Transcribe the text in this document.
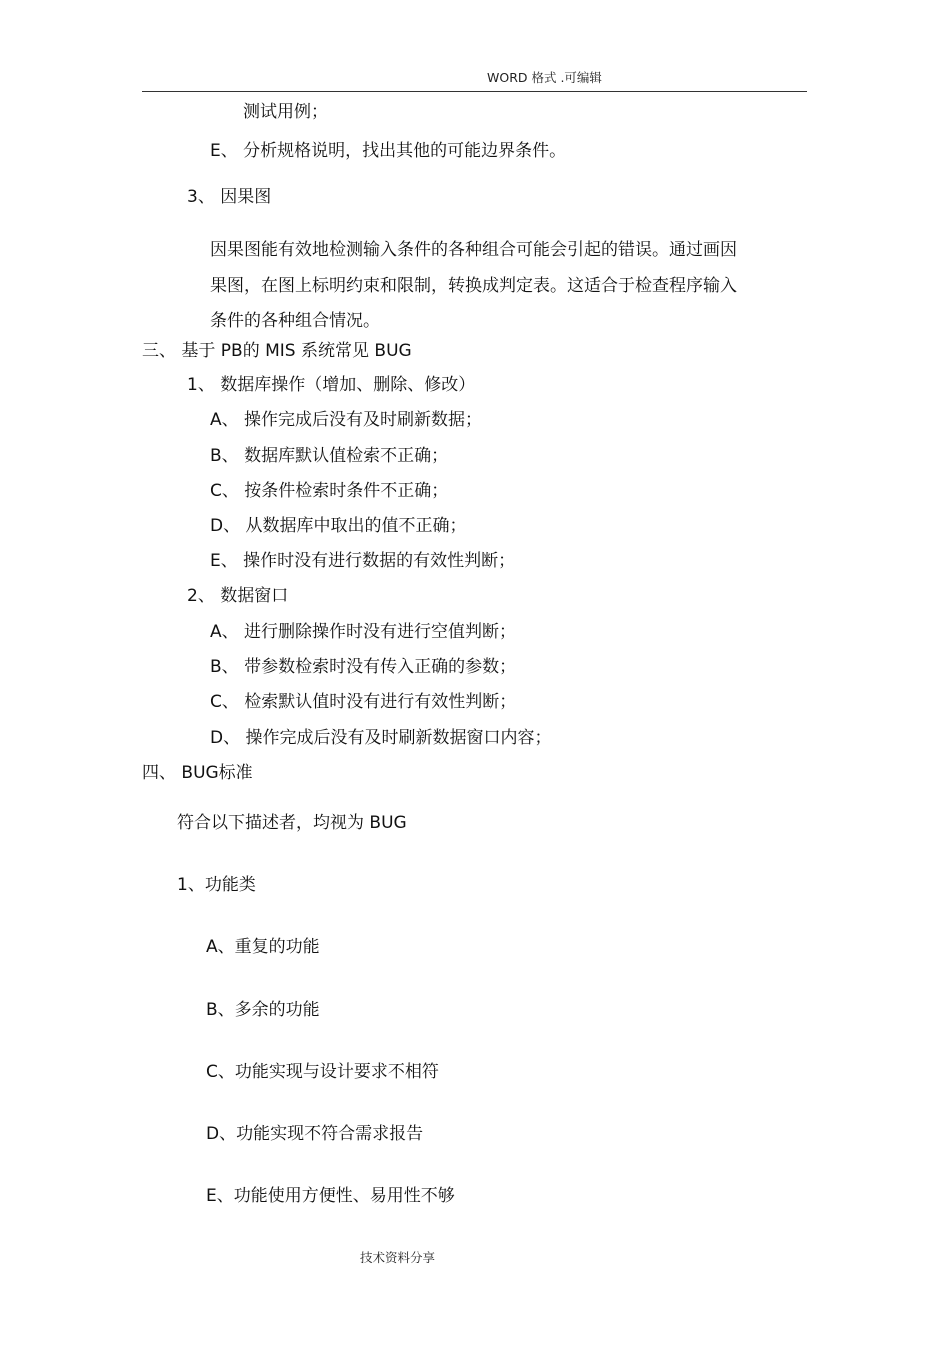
WORD 格式 .可编辑
测试用例；
E、 分析规格说明，找出其他的可能边界条件。
3、 因果图
因果图能有效地检测输入条件的各种组合可能会引起的错误。通过画因
果图，在图上标明约束和限制，转换成判定表。这适合于检查程序输入
条件的各种组合情况。
三、 基于 PB的 MIS 系统常见 BUG
1、 数据库操作（增加、删除、修改）
A、 操作完成后没有及时刷新数据；
B、 数据库默认值检索不正确；
C、 按条件检索时条件不正确；
D、 从数据库中取出的值不正确；
E、 操作时没有进行数据的有效性判断；
2、 数据窗口
A、 进行删除操作时没有进行空值判断；
B、 带参数检索时没有传入正确的参数；
C、 检索默认值时没有进行有效性判断；
D、 操作完成后没有及时刷新数据窗口内容；
四、 BUG标准
符合以下描述者，均视为 BUG
1、功能类
A、重复的功能
B、多余的功能
C、功能实现与设计要求不相符
D、功能实现不符合需求报告
E、功能使用方便性、易用性不够
技术资料分享
